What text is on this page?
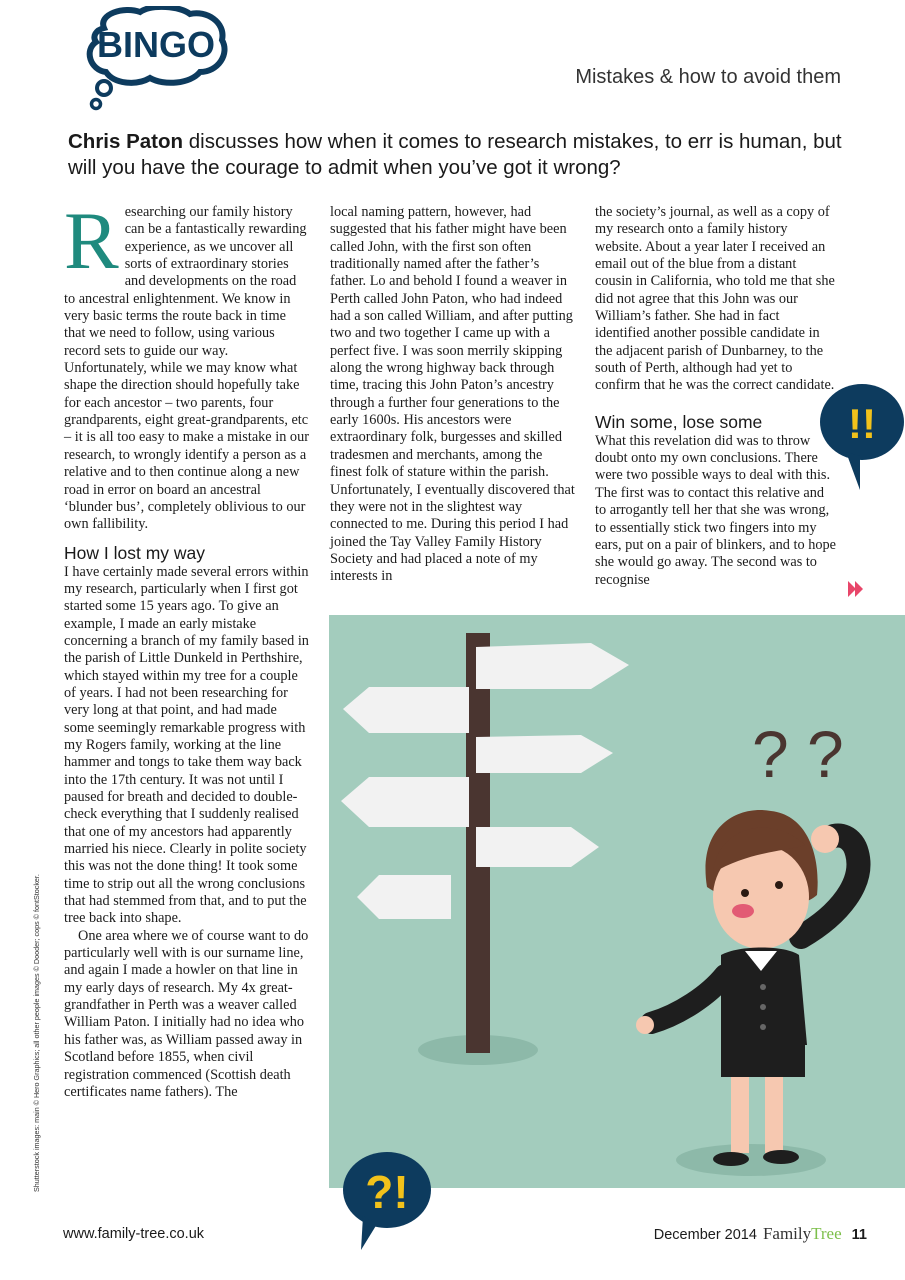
BINGO
Mistakes & how to avoid them
Chris Paton discusses how when it comes to research mistakes, to err is human, but will you have the courage to admit when you’ve got it wrong?

Researching our family history can be a fantastically rewarding experience, as we uncover all sorts of extraordinary stories and developments on the road to ancestral enlightenment. We know in very basic terms the route back in time that we need to follow, using various record sets to guide our way. Unfortunately, while we may know what shape the direction should hopefully take for each ancestor – two parents, four grandparents, eight great-grandparents, etc – it is all too easy to make a mistake in our research, to wrongly identify a person as a relative and to then continue along a new road in error on board an ancestral ‘blunder bus’, completely oblivious to our own fallibility.

How I lost my way

I have certainly made several errors within my research, particularly when I first got started some 15 years ago. To give an example, I made an early mistake concerning a branch of my family based in the parish of Little Dunkeld in Perthshire, which stayed within my tree for a couple of years. I had not been researching for very long at that point, and had made some seemingly remarkable progress with my Rogers family, working at the line hammer and tongs to take them way back into the 17th century. It was not until I paused for breath and decided to double-check everything that I suddenly realised that one of my ancestors had apparently married his niece. Clearly in polite society this was not the done thing! It took some time to strip out all the wrong conclusions that had stemmed from that, and to put the tree back into shape.

One area where we of course want to do particularly well with is our surname line, and again I made a howler on that line in my early days of research. My 4x great-grandfather in Perth was a weaver called William Paton. I initially had no idea who his father was, as William passed away in Scotland before 1855, when civil registration commenced (Scottish death certificates name fathers). The

local naming pattern, however, had suggested that his father might have been called John, with the first son often traditionally named after the father’s father. Lo and behold I found a weaver in Perth called John Paton, who had indeed had a son called William, and after putting two and two together I came up with a perfect five. I was soon merrily skipping along the wrong highway back through time, tracing this John Paton’s ancestry through a further four generations to the early 1600s. His ancestors were extraordinary folk, burgesses and skilled tradesmen and merchants, among the finest folk of stature within the parish. Unfortunately, I eventually discovered that they were not in the slightest way connected to me. During this period I had joined the Tay Valley Family History Society and had placed a note of my interests in

the society’s journal, as well as a copy of my research onto a family history website. About a year later I received an email out of the blue from a distant cousin in California, who told me that she did not agree that this John was our William’s father. She had in fact identified another possible candidate in the adjacent parish of Dunbarney, to the south of Perth, although had yet to confirm that he was the correct candidate.

Win some, lose some

What this revelation did was to throw doubt onto my own conclusions. There were two possible ways to deal with this. The first was to contact this relative and to arrogantly tell her that she was wrong, to essentially stick two fingers into my ears, put on a pair of blinkers, and to hope she would go away. The second was to recognise

? ?
!!
?!
Shutterstock images: main © Hero Graphics; all other people images © Dooder; cops © fontStocker.
www.family-tree.co.uk	December 2014 FamilyTree 11
